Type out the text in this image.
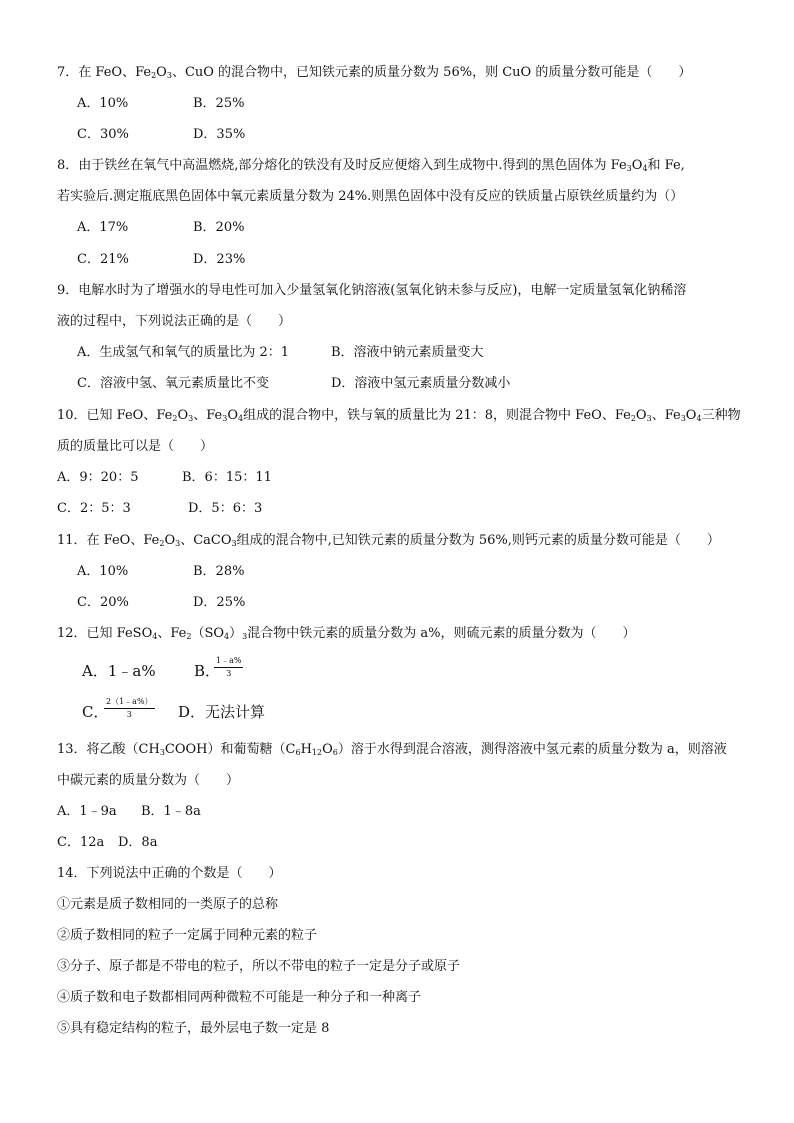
7．在 FeO、$Fe_2O_3$、CuO 的混合物中，已知铁元素的质量分数为 56%，则 CuO 的质量分数可能是（　　）
A．10%	B．25%
C．30%	D．35%
8．由于铁丝在氧气中高温燃烧,部分熔化的铁没有及时反应便熔入到生成物中.得到的黑色固体为 $Fe_3O_4$和 Fe,
若实验后.测定瓶底黑色固体中氧元素质量分数为 24%.则黑色固体中没有反应的铁质量占原铁丝质量约为（）
A．17%	B．20%
C．21%	D．23%
9．电解水时为了增强水的导电性可加入少量氢氧化钠溶液(氢氧化钠未参与反应)，电解一定质量氢氧化钠稀溶
液的过程中，下列说法正确的是（　　）
A．生成氢气和氧气的质量比为 2：1	B．溶液中钠元素质量变大
C．溶液中氢、氧元素质量比不变	D．溶液中氢元素质量分数减小
10．已知 FeO、$Fe_2O_3$、$Fe_3O_4$组成的混合物中，铁与氧的质量比为 21：8，则混合物中 FeO、$Fe_2O_3$、$Fe_3O_4$三种物
质的质量比可以是（　　）
A．9：20：5	B．6：15：11
C．2：5：3	D．5：6：3
11．在 FeO、$Fe_2O_3$、CaCO$_3$组成的混合物中,已知铁元素的质量分数为 56%,则钙元素的质量分数可能是（　　）
A．10%	B．28%
C．20%	D．25%
12．已知 FeSO$_4$、$Fe_2(SO_4)_3$混合物中铁元素的质量分数为 a%，则硫元素的质量分数为（　　）
A．1﹣a%	B．
$\frac{1﹣a\%}{3}$
C．
$\frac{2(1﹣a\%)}{3}$ D．无法计算
13．将乙酸$(CH_3COOH)$和葡萄糖$(C_6H_{12}O_6)$溶于水得到混合溶液，测得溶液中氢元素的质量分数为 a，则溶液
中碳元素的质量分数为（　　）
A．1﹣9a B．1﹣8a
C．12a D．8a
14．下列说法中正确的个数是（　　）
①元素是质子数相同的一类原子的总称
②质子数相同的粒子一定属于同种元素的粒子
③分子、原子都是不带电的粒子，所以不带电的粒子一定是分子或原子
④质子数和电子数都相同两种微粒不可能是一种分子和一种离子
⑤具有稳定结构的粒子，最外层电子数一定是 8
